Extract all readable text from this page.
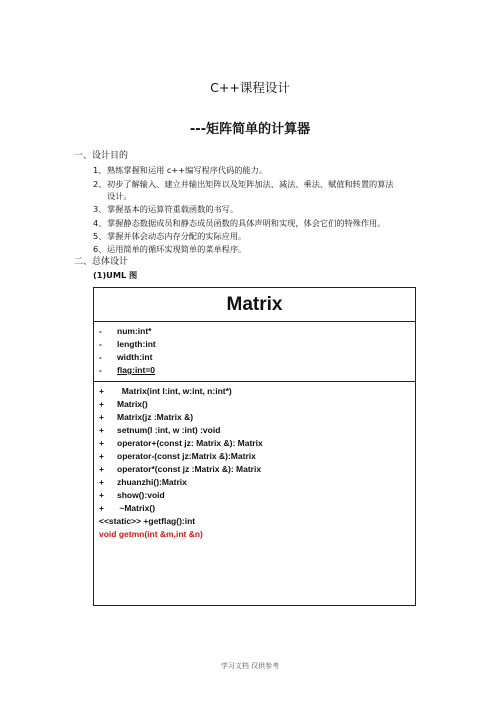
C++课程设计
---矩阵简单的计算器
一、设计目的
1、熟练掌握和运用 c++编写程序代码的能力。
2、初步了解输入、建立并输出矩阵以及矩阵加法、减法、乘法、赋值和转置的算法
设计。
3、掌握基本的运算符重载函数的书写。
4、掌握静态数据成员和静态成员函数的具体声明和实现，体会它们的特殊作用。
5、掌握并体会动态内存分配的实际应用。
6、运用简单的循环实现简单的菜单程序。
二、总体设计
(1)UML 图
Matrix
- num:int*
- length:int
- width:int
- flag:int=0
+  Matrix(int l:int, w:int, n:int*)
+ Matrix()
+ Matrix(jz :Matrix &)
+ setnum(l :int, w :int) :void
+ operator+(const jz: Matrix &): Matrix
+ operator-(const jz:Matrix &):Matrix
+ operator*(const jz :Matrix &): Matrix
+ zhuanzhi():Matrix
+ show():void
+ ~Matrix()
<<static>> +getflag():int
void getmn(int &m,int &n)
学习文档 仅供参考
